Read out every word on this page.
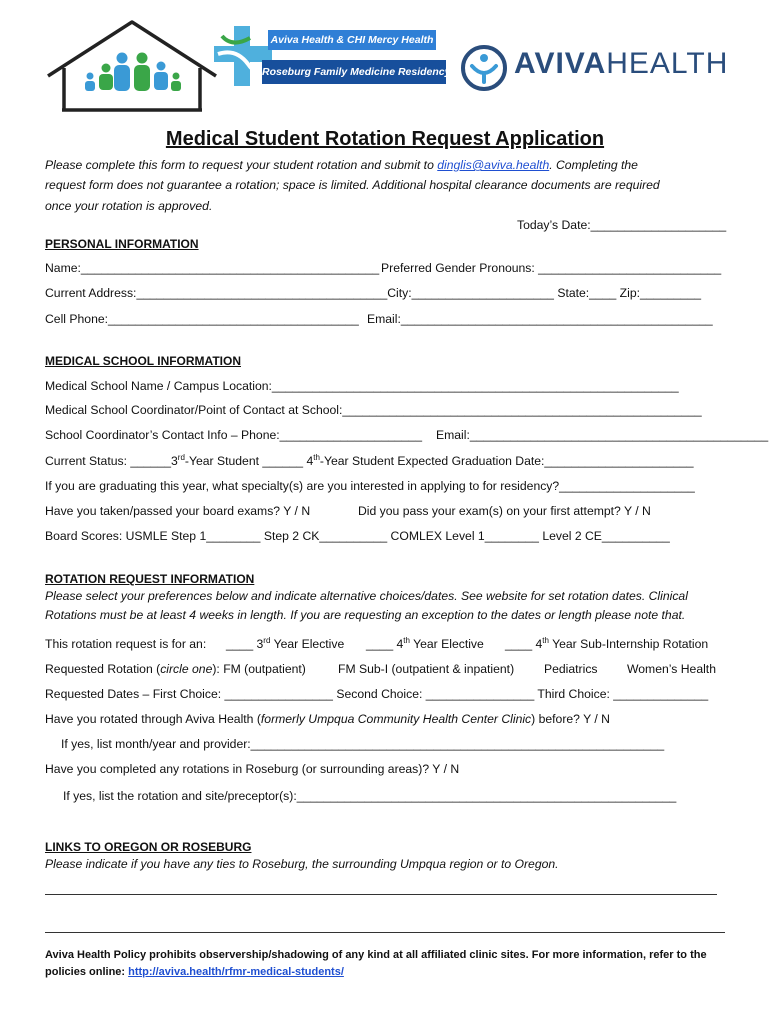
Aviva Health & CHI Mercy Health
Roseburg Family Medicine Residency AVIVAHEALTH
Medical Student Rotation Request Application
Please complete this form to request your student rotation and submit to dinglis@aviva.health. Completing the
request form does not guarantee a rotation; space is limited. Additional hospital clearance documents are required
once your rotation is approved.
Today’s Date:____________________
PERSONAL INFORMATION
Name:____________________________________________ Preferred Gender Pronouns: ___________________________
Current Address:_____________________________________City:_____________________ State:____ Zip:_________
Cell Phone:_____________________________________ Email:______________________________________________
MEDICAL SCHOOL INFORMATION
Medical School Name / Campus Location:____________________________________________________________
Medical School Coordinator/Point of Contact at School:_____________________________________________________
School Coordinator’s Contact Info – Phone:_____________________ Email:____________________________________________
Current Status: ______3rd-Year Student ______ 4th-Year Student Expected Graduation Date:______________________
If you are graduating this year, what specialty(s) are you interested in applying to for residency?____________________
Have you taken/passed your board exams? Y / N	Did you pass your exam(s) on your first attempt? Y / N
Board Scores: USMLE Step 1________ Step 2 CK__________ COMLEX Level 1________ Level 2 CE__________
ROTATION REQUEST INFORMATION
Please select your preferences below and indicate alternative choices/dates. See website for set rotation dates. Clinical
Rotations must be at least 4 weeks in length. If you are requesting an exception to the dates or length please note that.
This rotation request is for an: ____ 3rd Year Elective ____ 4th Year Elective ____ 4th Year Sub-Internship Rotation
Requested Rotation (circle one): FM (outpatient)	FM Sub-I (outpatient & inpatient) Pediatrics Women’s Health
Requested Dates – First Choice: ________________ Second Choice: ________________ Third Choice: ______________
Have you rotated through Aviva Health (formerly Umpqua Community Health Center Clinic) before? Y / N
If yes, list month/year and provider:_____________________________________________________________
Have you completed any rotations in Roseburg (or surrounding areas)? Y / N
If yes, list the rotation and site/preceptor(s):________________________________________________________
LINKS TO OREGON OR ROSEBURG
Please indicate if you have any ties to Roseburg, the surrounding Umpqua region or to Oregon.
Aviva Health Policy prohibits observership/shadowing of any kind at all affiliated clinic sites. For more information, refer to the
policies online: http://aviva.health/rfmr-medical-students/
